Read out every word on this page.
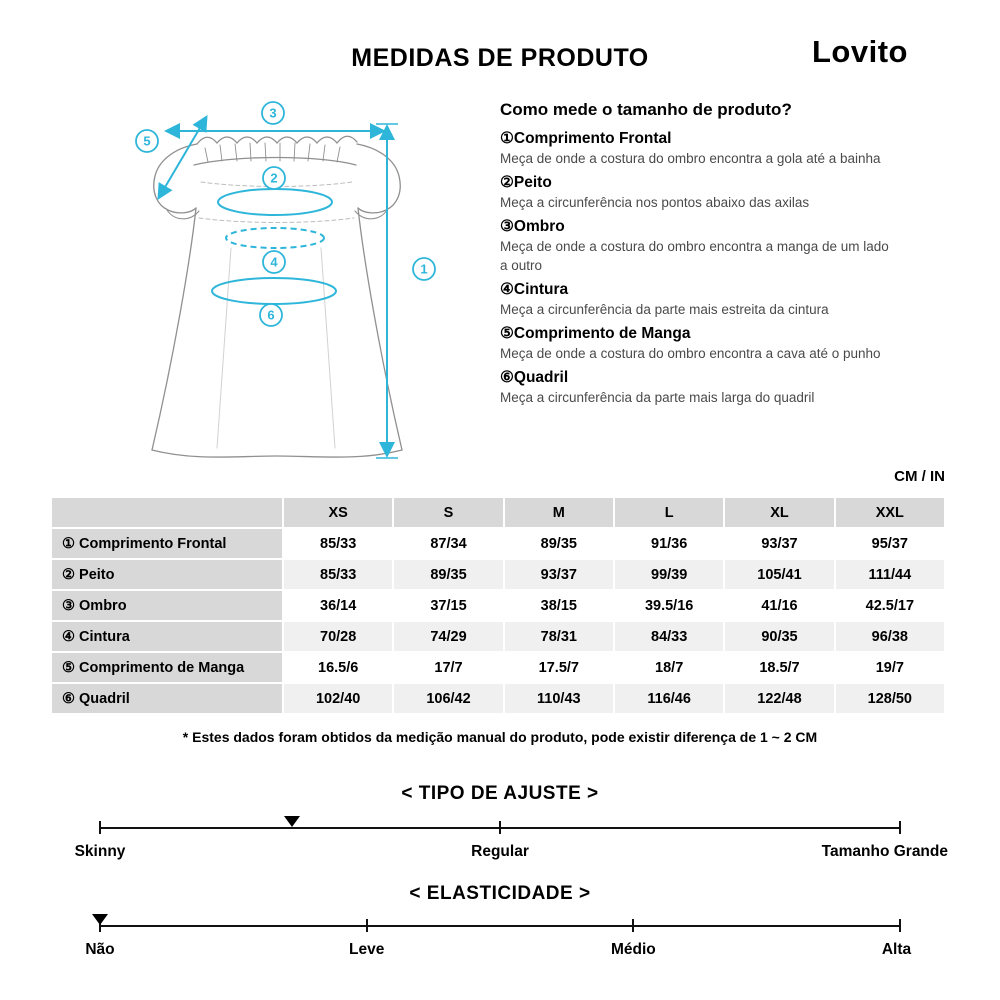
MEDIDAS DE PRODUTO	Lovito
1
2
3
4
5
6
Como mede o tamanho de produto?
①Comprimento Frontal
Meça de onde a costura do ombro encontra a gola até a bainha
②Peito
Meça a circunferência nos pontos abaixo das axilas
③Ombro
Meça de onde a costura do ombro encontra a manga de um lado a outro
④Cintura
Meça a circunferência da parte mais estreita da cintura
⑤Comprimento de Manga
Meça de onde a costura do ombro encontra a cava até o punho
⑥Quadril
Meça a circunferência da parte mais larga do quadril
CM / IN
	XS	S	M	L	XL	XXL
① Comprimento Frontal	85/33	87/34	89/35	91/36	93/37	95/37
② Peito	85/33	89/35	93/37	99/39	105/41	111/44
③ Ombro	36/14	37/15	38/15	39.5/16	41/16	42.5/17
④ Cintura	70/28	74/29	78/31	84/33	90/35	96/38
⑤ Comprimento de Manga	16.5/6	17/7	17.5/7	18/7	18.5/7	19/7
⑥ Quadril	102/40	106/42	110/43	116/46	122/48	128/50
* Estes dados foram obtidos da medição manual do produto, pode existir diferença de 1 ~ 2 CM
< TIPO DE AJUSTE >
Skinny	Regular	Tamanho Grande
< ELASTICIDADE >
Não	Leve	Médio	Alta
